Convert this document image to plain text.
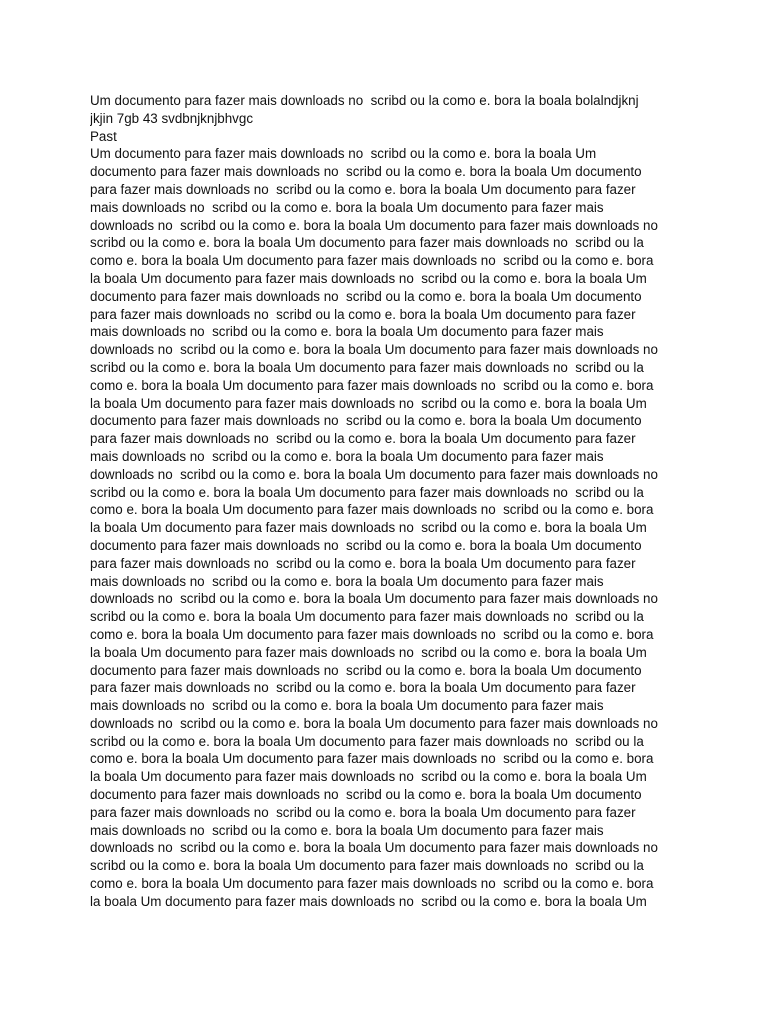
Um documento para fazer mais downloads no  scribd ou la como e. bora la boala bolalndjknj
jkjin 7gb 43 svdbnjknjbhvgc
Past
Um documento para fazer mais downloads no  scribd ou la como e. bora la boala Um
documento para fazer mais downloads no  scribd ou la como e. bora la boala Um documento
para fazer mais downloads no  scribd ou la como e. bora la boala Um documento para fazer
mais downloads no  scribd ou la como e. bora la boala Um documento para fazer mais
downloads no  scribd ou la como e. bora la boala Um documento para fazer mais downloads no
scribd ou la como e. bora la boala Um documento para fazer mais downloads no  scribd ou la
como e. bora la boala Um documento para fazer mais downloads no  scribd ou la como e. bora
la boala Um documento para fazer mais downloads no  scribd ou la como e. bora la boala Um
documento para fazer mais downloads no  scribd ou la como e. bora la boala Um documento
para fazer mais downloads no  scribd ou la como e. bora la boala Um documento para fazer
mais downloads no  scribd ou la como e. bora la boala Um documento para fazer mais
downloads no  scribd ou la como e. bora la boala Um documento para fazer mais downloads no
scribd ou la como e. bora la boala Um documento para fazer mais downloads no  scribd ou la
como e. bora la boala Um documento para fazer mais downloads no  scribd ou la como e. bora
la boala Um documento para fazer mais downloads no  scribd ou la como e. bora la boala Um
documento para fazer mais downloads no  scribd ou la como e. bora la boala Um documento
para fazer mais downloads no  scribd ou la como e. bora la boala Um documento para fazer
mais downloads no  scribd ou la como e. bora la boala Um documento para fazer mais
downloads no  scribd ou la como e. bora la boala Um documento para fazer mais downloads no
scribd ou la como e. bora la boala Um documento para fazer mais downloads no  scribd ou la
como e. bora la boala Um documento para fazer mais downloads no  scribd ou la como e. bora
la boala Um documento para fazer mais downloads no  scribd ou la como e. bora la boala Um
documento para fazer mais downloads no  scribd ou la como e. bora la boala Um documento
para fazer mais downloads no  scribd ou la como e. bora la boala Um documento para fazer
mais downloads no  scribd ou la como e. bora la boala Um documento para fazer mais
downloads no  scribd ou la como e. bora la boala Um documento para fazer mais downloads no
scribd ou la como e. bora la boala Um documento para fazer mais downloads no  scribd ou la
como e. bora la boala Um documento para fazer mais downloads no  scribd ou la como e. bora
la boala Um documento para fazer mais downloads no  scribd ou la como e. bora la boala Um
documento para fazer mais downloads no  scribd ou la como e. bora la boala Um documento
para fazer mais downloads no  scribd ou la como e. bora la boala Um documento para fazer
mais downloads no  scribd ou la como e. bora la boala Um documento para fazer mais
downloads no  scribd ou la como e. bora la boala Um documento para fazer mais downloads no
scribd ou la como e. bora la boala Um documento para fazer mais downloads no  scribd ou la
como e. bora la boala Um documento para fazer mais downloads no  scribd ou la como e. bora
la boala Um documento para fazer mais downloads no  scribd ou la como e. bora la boala Um
documento para fazer mais downloads no  scribd ou la como e. bora la boala Um documento
para fazer mais downloads no  scribd ou la como e. bora la boala Um documento para fazer
mais downloads no  scribd ou la como e. bora la boala Um documento para fazer mais
downloads no  scribd ou la como e. bora la boala Um documento para fazer mais downloads no
scribd ou la como e. bora la boala Um documento para fazer mais downloads no  scribd ou la
como e. bora la boala Um documento para fazer mais downloads no  scribd ou la como e. bora
la boala Um documento para fazer mais downloads no  scribd ou la como e. bora la boala Um
